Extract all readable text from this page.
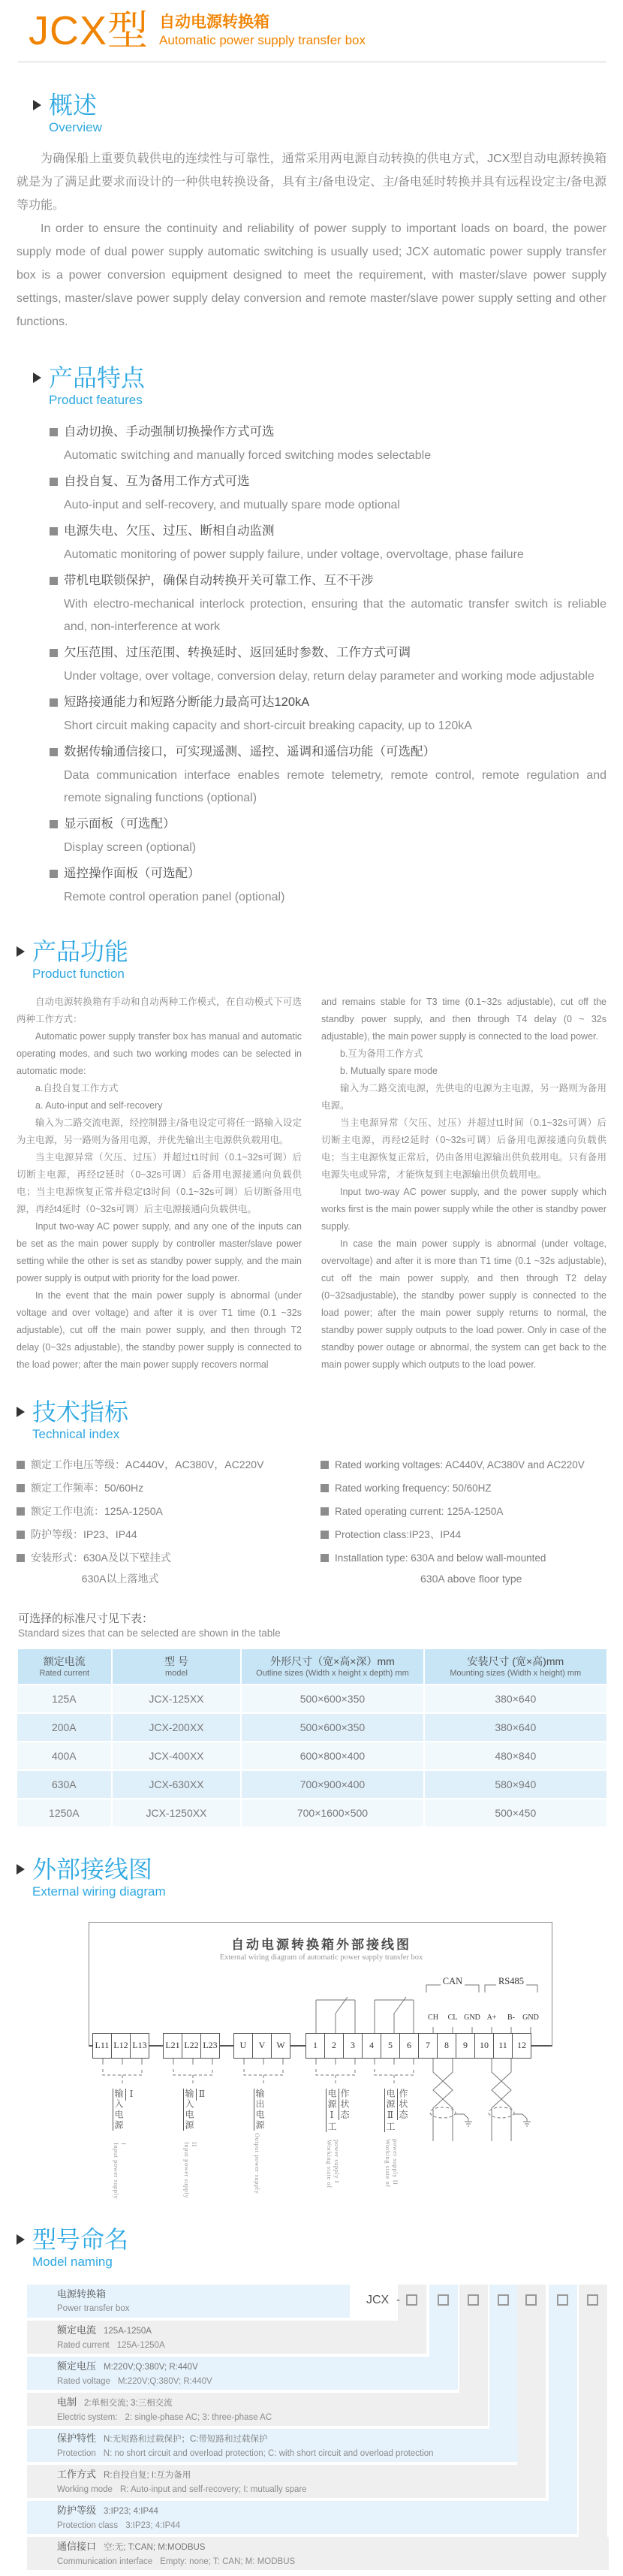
JCX型 自动电源转换箱
Automatic power supply transfer box
概述
Overview

为确保船上重要负载供电的连续性与可靠性，通常采用两电源自动转换的供电方式，JCX型自动电源转换箱就是为了满足此要求而设计的一种供电转换设备，具有主/备电设定、主/备电延时转换并具有远程设定主/备电源等功能。

In order to ensure the continuity and reliability of power supply to important loads on board, the power supply mode of dual power supply automatic switching is usually used; JCX automatic power supply transfer box is a power conversion equipment designed to meet the requirement, with master/slave power supply settings, master/slave power supply delay conversion and remote master/slave power supply setting and other functions.

产品特点
Product features
自动切换、手动强制切换操作方式可选
Automatic switching and manually forced switching modes selectable
自投自复、互为备用工作方式可选
Auto-input and self-recovery, and mutually spare mode optional
电源失电、欠压、过压、断相自动监测
Automatic monitoring of power supply failure, under voltage, overvoltage, phase failure
带机电联锁保护，确保自动转换开关可靠工作、互不干涉
With electro-mechanical interlock protection, ensuring that the automatic transfer switch is reliable and, non-interference at work
欠压范围、过压范围、转换延时、返回延时参数、工作方式可调
Under voltage, over voltage, conversion delay, return delay parameter and working mode adjustable
短路接通能力和短路分断能力最高可达120kA
Short circuit making capacity and short-circuit breaking capacity, up to 120kA
数据传输通信接口，可实现遥测、遥控、遥调和遥信功能（可选配）
Data communication interface enables remote telemetry, remote control, remote regulation and remote signaling functions (optional)
显示面板（可选配）
Display screen (optional)
遥控操作面板（可选配）
Remote control operation panel (optional)
产品功能
Product function

自动电源转换箱有手动和自动两种工作模式，在自动模式下可选两种工作方式：

Automatic power supply transfer box has manual and automatic operating modes, and such two working modes can be selected in automatic mode:

a.自投自复工作方式

a. Auto-input and self-recovery

输入为二路交流电源，经控制器主/备电设定可将任一路输入设定为主电源，另一路则为备用电源，并优先输出主电源供负载用电。

当主电源异常（欠压、过压）并超过t1时间（0.1~32s可调）后切断主电源，再经t2延时（0~32s可调）后备用电源接通向负载供电；当主电源恢复正常并稳定t3时间（0.1~32s可调）后切断备用电源，再经t4延时（0~32s可调）后主电源接通向负载供电。

Input two-way AC power supply, and any one of the inputs can be set as the main power supply by controller master/slave power setting while the other is set as standby power supply, and the main power supply is output with priority for the load power.

In the event that the main power supply is abnormal (under voltage and over voltage) and after it is over T1 time (0.1 ~32s adjustable), cut off the main power supply, and then through T2 delay (0~32s adjustable), the standby power supply is connected to the load power; after the main power supply recovers normal

and remains stable for T3 time (0.1~32s adjustable), cut off the standby power supply, and then through T4 delay (0 ~ 32s adjustable), the main power supply is connected to the load power.

b.互为备用工作方式

b. Mutually spare mode

输入为二路交流电源，先供电的电源为主电源，另一路则为备用电源。

当主电源异常（欠压、过压）并超过t1时间（0.1~32s可调）后切断主电源，再经t2延时（0~32s可调）后备用电源接通向负载供电；当主电源恢复正常后，仍由备用电源输出供负载用电。只有备用电源失电或异常，才能恢复到主电源输出供负载用电。

Input two-way AC power supply, and the power supply which works first is the main power supply while the other is standby power supply.

In case the main power supply is abnormal (under voltage, overvoltage) and after it is more than T1 time (0.1 ~32s adjustable), cut off the main power supply, and then through T2 delay (0~32sadjustable), the standby power supply is connected to the load power; after the main power supply returns to normal, the standby power supply outputs to the load power. Only in case of the standby power outage or abnormal, the system can get back to the main power supply which outputs to the load power.

技术指标
Technical index
额定工作电压等级：AC440V，AC380V，AC220V
额定工作频率：50/60Hz
额定工作电流：125A-1250A
防护等级：IP23、IP44
安装形式：630A及以下壁挂式
630A以上落地式
Rated working voltages: AC440V, AC380V and AC220V
Rated working frequency: 50/60HZ
Rated operating current: 125A-1250A
Protection class:IP23、IP44
Installation type: 630A and below wall-mounted
630A above floor type
可选择的标准尺寸见下表：
Standard sizes that can be selected are shown in the table
额定电流
Rated current	型 号
model	外形尺寸（宽×高×深）mm
Outline sizes (Width x height x depth) mm	安装尺寸 (宽×高)mm
Mounting sizes (Width x height) mm

125A	JCX-125XX	500×600×350	380×640
200A	JCX-200XX	500×600×350	380×640
400A	JCX-400XX	600×800×400	480×840
630A	JCX-630XX	700×900×400	580×940
1250A	JCX-1250XX	700×1600×500	500×450
外部接线图
External wiring diagram
自动电源转换箱外部接线图
External wiring diagram of automatic power supply transfer box
CAN	RS485
CH	CL GND A+	B-	GND
L11 L12 L13 L21 L22 L23	U	V	W	1	2	3	4	5	6	7	8	9	10	11	12
输入电源Ⅰ
Input power supply I
输入电源Ⅱ
Input power supply II
输出电源
Output power supply
电源Ⅰ工作状态
Working state of power supply I
电源Ⅱ工作状态
Working state of power supply II
型号命名
Model naming
电源转换箱
Power transfer box
额定电流 125A-1250A
Rated current 125A-1250A
额定电压 M:220V;Q:380V; R:440V
Rated voltage M:220V;Q:380V; R:440V
电制 2:单相交流; 3:三相交流
Electric system: 2: single-phase AC; 3: three-phase AC
保护特性 N:无短路和过载保护；C:带短路和过载保护
Protection N: no short circuit and overload protection; C: with short circuit and overload protection
工作方式 R:自投自复; I:互为备用
Working mode R: Auto-input and self-recovery; I: mutually spare
防护等级 3:IP23; 4:IP44
Protection class 3:IP23; 4:IP44
通信接口 空:无; T:CAN; M:MODBUS
Communication interface Empty: none; T: CAN; M: MODBUS
JCX -
